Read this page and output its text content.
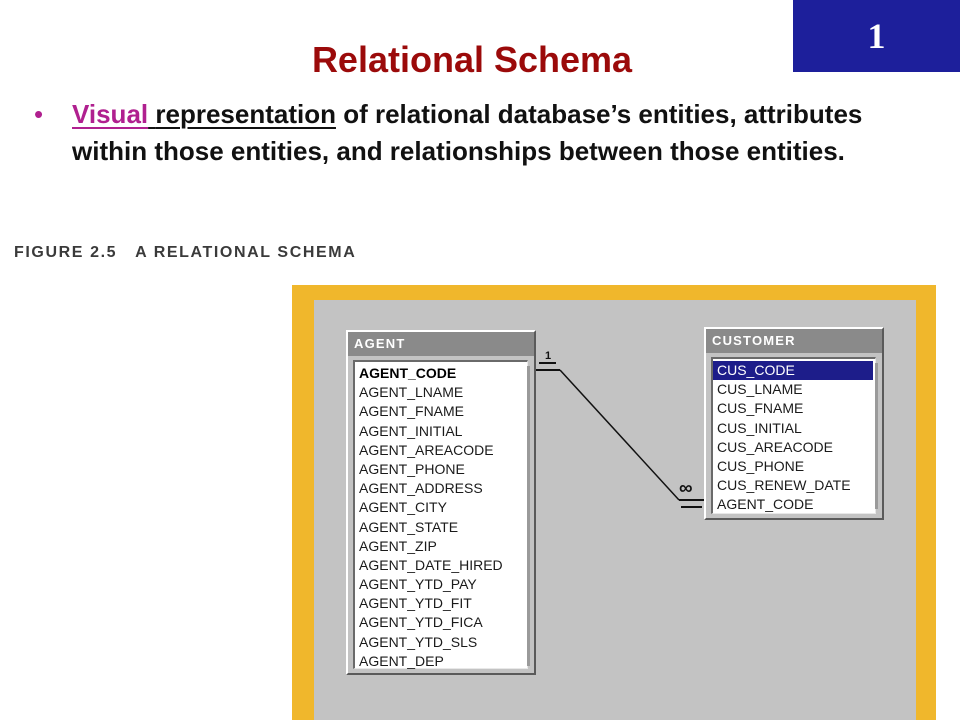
1
Relational Schema
• Visual representation of relational database’s entities, attributes within those entities, and relationships between those entities.
FIGURE 2.5 A RELATIONAL SCHEMA
AGENT
AGENT_CODE
AGENT_LNAME
AGENT_FNAME
AGENT_INITIAL
AGENT_AREACODE
AGENT_PHONE
AGENT_ADDRESS
AGENT_CITY
AGENT_STATE
AGENT_ZIP
AGENT_DATE_HIRED
AGENT_YTD_PAY
AGENT_YTD_FIT
AGENT_YTD_FICA
AGENT_YTD_SLS
AGENT_DEP
CUSTOMER
CUS_CODE
CUS_LNAME
CUS_FNAME
CUS_INITIAL
CUS_AREACODE
CUS_PHONE
CUS_RENEW_DATE
AGENT_CODE
1
∞
